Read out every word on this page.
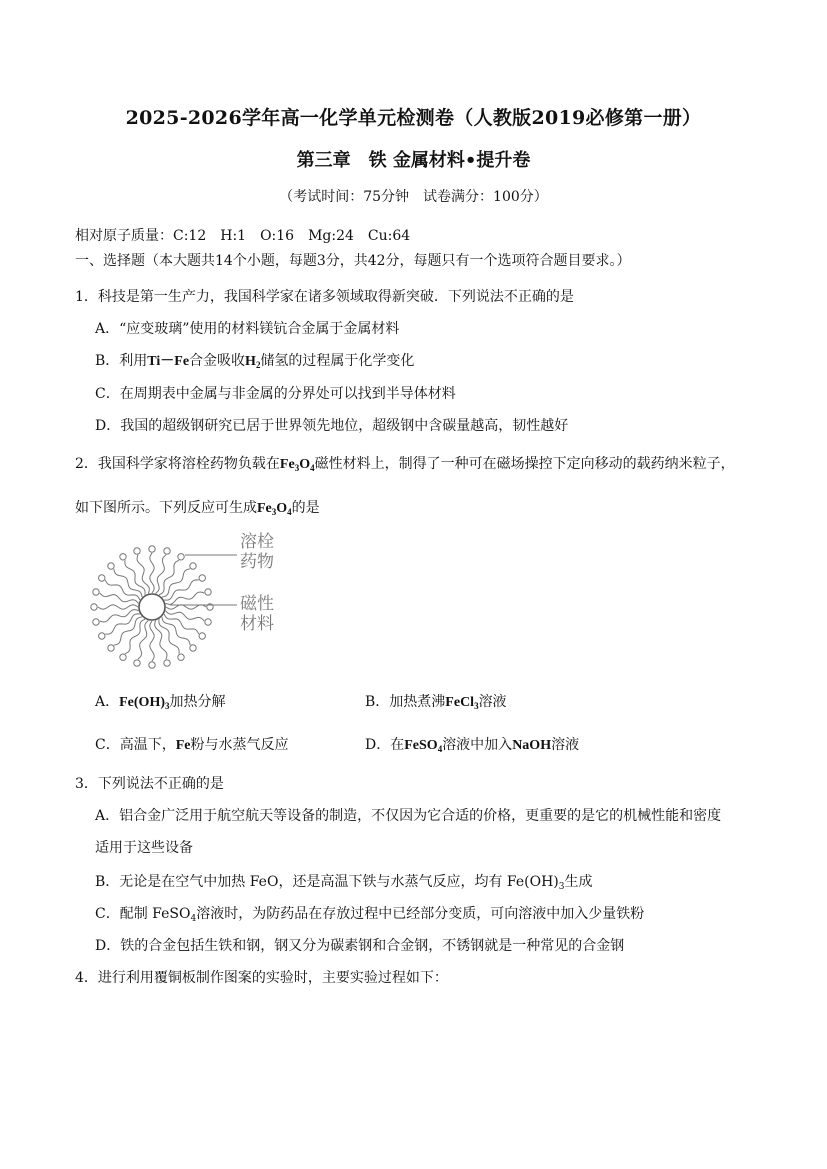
2025-2026学年高一化学单元检测卷（人教版2019必修第一册）
第三章　铁 金属材料•提升卷
（考试时间：75分钟　试卷满分：100分）
相对原子质量：C:12　H:1　O:16　Mg:24　Cu:64
一、选择题（本大题共14个小题，每题3分，共42分，每题只有一个选项符合题目要求。）
1．科技是第一生产力，我国科学家在诸多领域取得新突破．下列说法不正确的是
A．“应变玻璃”使用的材料镁钪合金属于金属材料
B．利用Ti－Fe合金吸收$H_2$储氢的过程属于化学变化
C．在周期表中金属与非金属的分界处可以找到半导体材料
D．我国的超级钢研究已居于世界领先地位，超级钢中含碳量越高，韧性越好
2．我国科学家将溶栓药物负载在$Fe_3O_4$磁性材料上，制得了一种可在磁场操控下定向移动的载药纳米粒子，
如下图所示。下列反应可生成$Fe_3O_4$的是
溶栓
药物
磁性
材料
A．$Fe(OH)_3$加热分解	B．加热煮沸FeCl$_3$溶液
C．高温下，Fe粉与水蒸气反应	D．在FeSO$_4$溶液中加入NaOH溶液
3．下列说法不正确的是
A．铝合金广泛用于航空航天等设备的制造，不仅因为它合适的价格，更重要的是它的机械性能和密度
适用于这些设备
B．无论是在空气中加热 FeO，还是高温下铁与水蒸气反应，均有 $Fe(OH)_3$生成
C．配制 FeSO$_4$溶液时，为防药品在存放过程中已经部分变质，可向溶液中加入少量铁粉
D．铁的合金包括生铁和钢，钢又分为碳素钢和合金钢，不锈钢就是一种常见的合金钢
4．进行利用覆铜板制作图案的实验时，主要实验过程如下：
